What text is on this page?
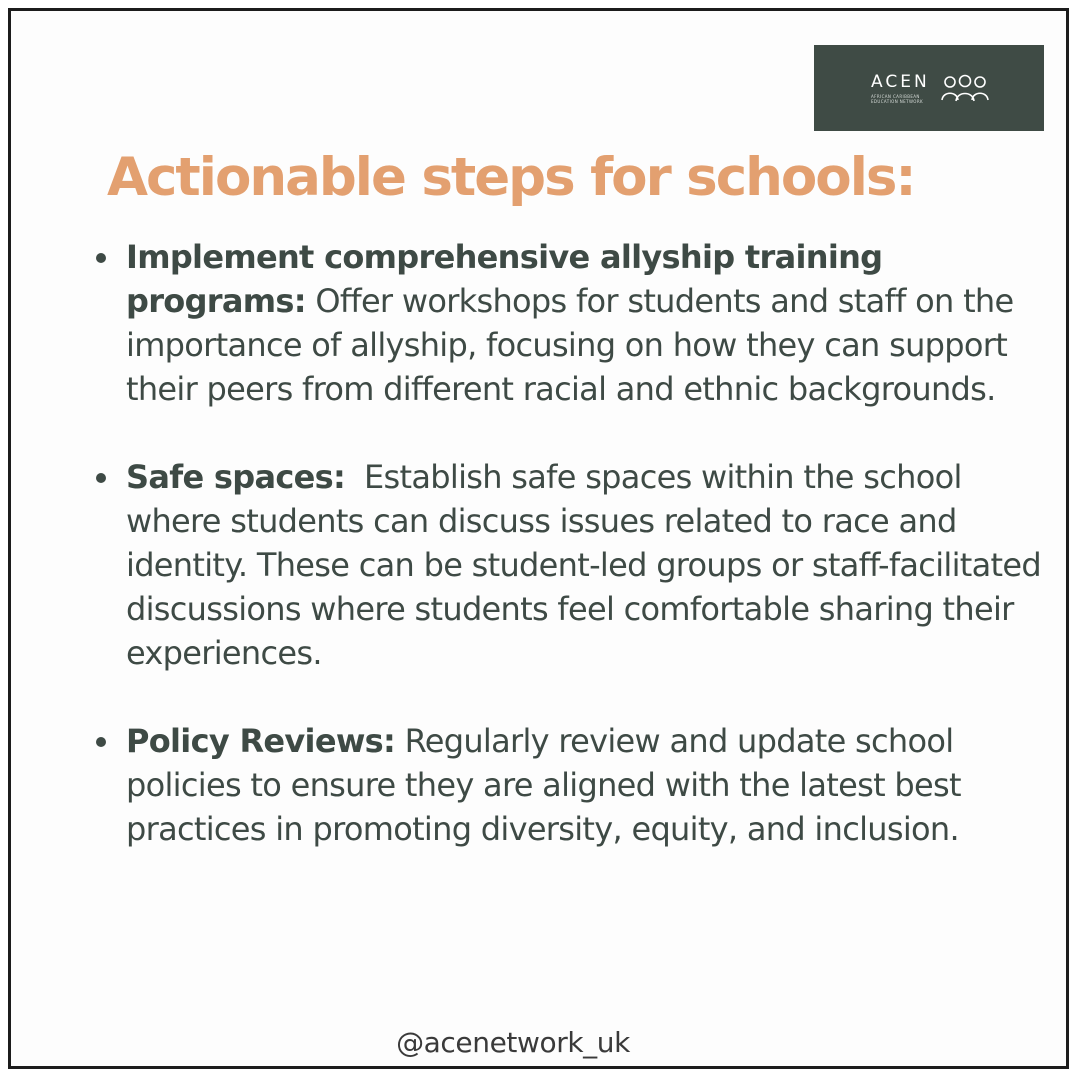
ACEN
AFRICAN CARIBBEAN EDUCATION NETWORK
Actionable steps for schools:
Implement comprehensive allyship training programs: Offer workshops for students and staff on the importance of allyship, focusing on how they can support their peers from different racial and ethnic backgrounds.
Safe spaces: Establish safe spaces within the school where students can discuss issues related to race and identity. These can be student-led groups or staff-facilitated discussions where students feel comfortable sharing their experiences.
Policy Reviews: Regularly review and update school policies to ensure they are aligned with the latest best practices in promoting diversity, equity, and inclusion.
@acenetwork_uk
